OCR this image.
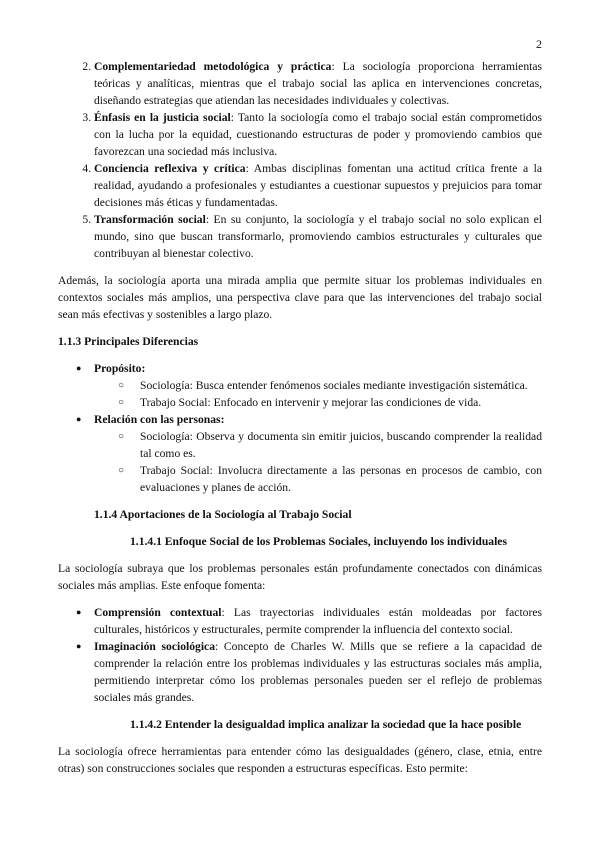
2
2. Complementariedad metodológica y práctica: La sociología proporciona herramientas teóricas y analíticas, mientras que el trabajo social las aplica en intervenciones concretas, diseñando estrategias que atiendan las necesidades individuales y colectivas.
3. Énfasis en la justicia social: Tanto la sociología como el trabajo social están comprometidos con la lucha por la equidad, cuestionando estructuras de poder y promoviendo cambios que favorezcan una sociedad más inclusiva.
4. Conciencia reflexiva y crítica: Ambas disciplinas fomentan una actitud crítica frente a la realidad, ayudando a profesionales y estudiantes a cuestionar supuestos y prejuicios para tomar decisiones más éticas y fundamentadas.
5. Transformación social: En su conjunto, la sociología y el trabajo social no solo explican el mundo, sino que buscan transformarlo, promoviendo cambios estructurales y culturales que contribuyan al bienestar colectivo.

Además, la sociología aporta una mirada amplia que permite situar los problemas individuales en contextos sociales más amplios, una perspectiva clave para que las intervenciones del trabajo social sean más efectivas y sostenibles a largo plazo.

1.1.3 Principales Diferencias
● Propósito:
○ Sociología: Busca entender fenómenos sociales mediante investigación sistemática.
○ Trabajo Social: Enfocado en intervenir y mejorar las condiciones de vida.
● Relación con las personas:
○ Sociología: Observa y documenta sin emitir juicios, buscando comprender la realidad tal como es.
○ Trabajo Social: Involucra directamente a las personas en procesos de cambio, con evaluaciones y planes de acción.
1.1.4 Aportaciones de la Sociología al Trabajo Social
1.1.4.1 Enfoque Social de los Problemas Sociales, incluyendo los individuales

La sociología subraya que los problemas personales están profundamente conectados con dinámicas sociales más amplias. Este enfoque fomenta:

● Comprensión contextual: Las trayectorias individuales están moldeadas por factores culturales, históricos y estructurales, permite comprender la influencia del contexto social.
● Imaginación sociológica: Concepto de Charles W. Mills que se refiere a la capacidad de comprender la relación entre los problemas individuales y las estructuras sociales más amplia, permitiendo interpretar cómo los problemas personales pueden ser el reflejo de problemas sociales más grandes.
1.1.4.2 Entender la desigualdad implica analizar la sociedad que la hace posible

La sociología ofrece herramientas para entender cómo las desigualdades (género, clase, etnia, entre otras) son construcciones sociales que responden a estructuras específicas. Esto permite:
